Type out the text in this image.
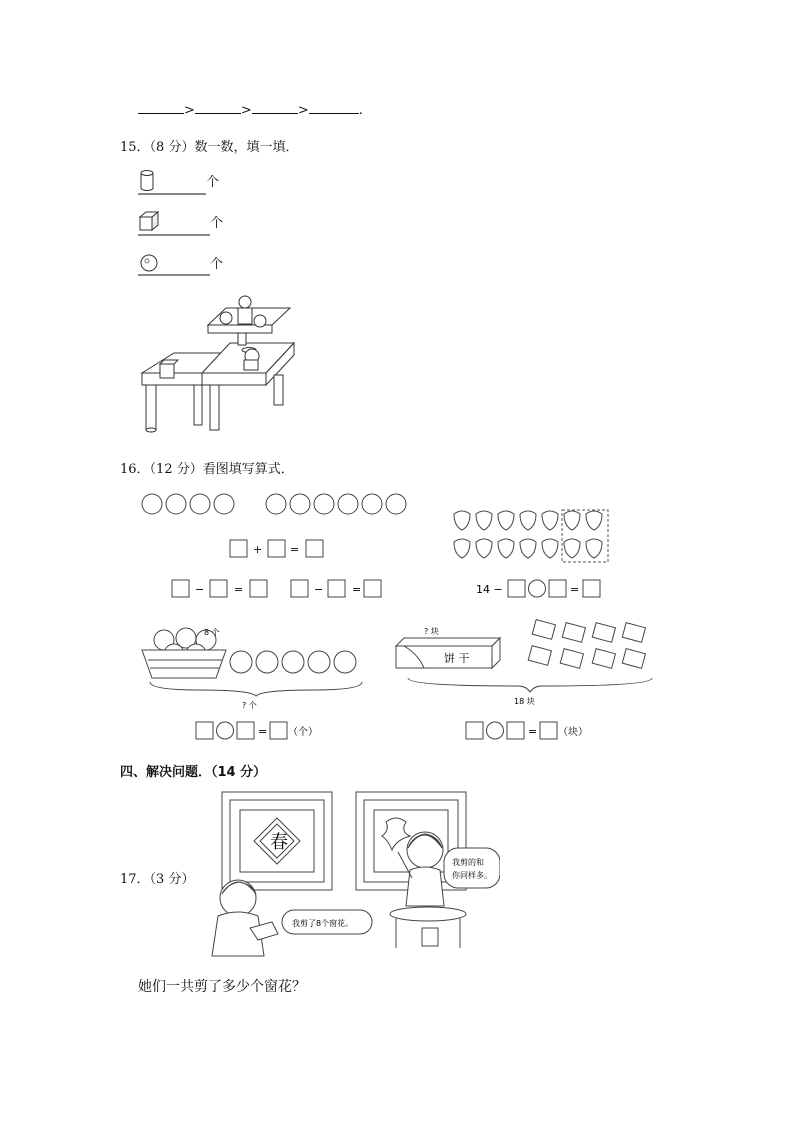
>	>	>	.
15．（8 分）数一数，填一填．
个
个
个
16．（12 分）看图填写算式．
+	=
−	=	−	=	14 −	=
8 个
? 个
= （个）
饼 干
? 块
18 块
= （块）
四、解决问题．（14 分）
17．（3 分）
春
我剪了8个窗花。
我剪的和
你同样多。
她们一共剪了多少个窗花？
